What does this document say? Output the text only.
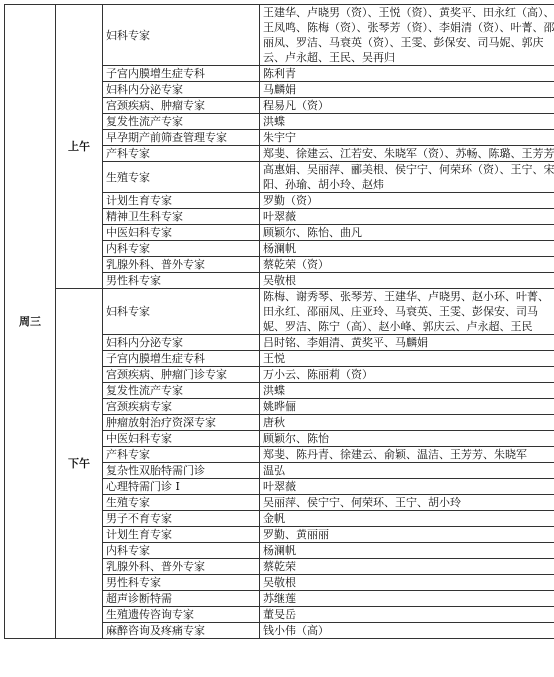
周三	上午	妇科专家	王建华、卢晓男（资）、王悦（资）、黄奖平、田永红（高）、王凤鸣、陈梅（资）、张琴芳（资）、李娟清（资）、叶菁、邵丽凤、罗洁、马衰英（资）、王雯、彭保安、司马妮、郭庆云、卢永超、王民、吴再归
		子宫内膜增生症专科	陈利青
		妇科内分泌专家	马麟娟
		宫颈疾病、肿瘤专家	程易凡（资）
		复发性流产专家	洪蝶
		早孕期产前筛查管理专家	朱宇宁
		产科专家	郑斐、徐建云、江若安、朱晓军（资）、苏畅、陈璐、王芳芳
		生殖专家	高惠娟、吴丽萍、郦美根、侯宁宁、何荣环（资）、王宁、宋阳、孙瑜、胡小玲、赵炜
		计划生育专家	罗勤（资）
		精神卫生科专家	叶翠薇
		中医妇科专家	顾颖尔、陈怡、曲凡
		内科专家	杨澜帆
		乳腺外科、普外专家	蔡乾荣（资）
		男性科专家	吴敬根
	下午	妇科专家	陈梅、谢秀琴、张琴芳、王建华、卢晓男、赵小环、叶菁、田永红、邵丽凤、庄亚玲、马衰英、王雯、彭保安、司马妮、罗洁、陈宁（高）、赵小峰、郭庆云、卢永超、王民
		妇科内分泌专家	吕时铭、李娟清、黄奖平、马麟娟
		子宫内膜增生症专科	王悦
		宫颈疾病、肿瘤门诊专家	万小云、陈丽莉（资）
		复发性流产专家	洪蝶
		宫颈疾病专家	姚晔俪
		肿瘤放射治疗资深专家	唐秋
		中医妇科专家	顾颖尔、陈怡
		产科专家	郑斐、陈丹青、徐建云、俞颖、温洁、王芳芳、朱晓军
		复杂性双胎特需门诊	温弘
		心理特需门诊 I	叶翠薇
		生殖专家	吴丽萍、侯宁宁、何荣环、王宁、胡小玲
		男子不育专家	金帆
		计划生育专家	罗勤、黄丽丽
		内科专家	杨澜帆
		乳腺外科、普外专家	蔡乾荣
		男性科专家	吴敬根
		超声诊断特需	苏继莲
		生殖遗传咨询专家	董旻岳
		麻醉咨询及疼痛专家	钱小伟（高）
